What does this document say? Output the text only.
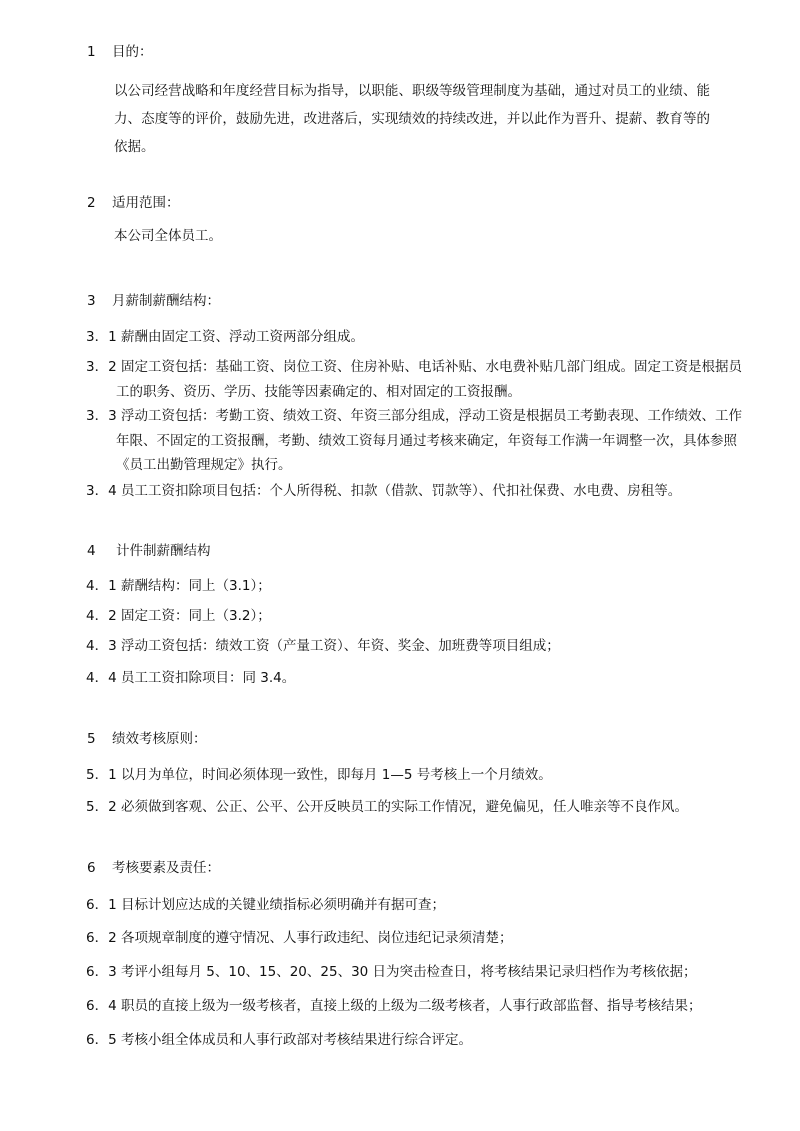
1 目的：
以公司经营战略和年度经营目标为指导，以职能、职级等级管理制度为基础，通过对员工的业绩、能力、态度等的评价，鼓励先进，改进落后，实现绩效的持续改进，并以此作为晋升、提薪、教育等的依据。
2 适用范围：
本公司全体员工。
3 月薪制薪酬结构：
3．1 薪酬由固定工资、浮动工资两部分组成。
3．2 固定工资包括：基础工资、岗位工资、住房补贴、电话补贴、水电费补贴几部门组成。固定工资是根据员工的职务、资历、学历、技能等因素确定的、相对固定的工资报酬。
3．3 浮动工资包括：考勤工资、绩效工资、年资三部分组成，浮动工资是根据员工考勤表现、工作绩效、工作年限、不固定的工资报酬，考勤、绩效工资每月通过考核来确定，年资每工作满一年调整一次，具体参照《员工出勤管理规定》执行。
3．4 员工工资扣除项目包括：个人所得税、扣款（借款、罚款等）、代扣社保费、水电费、房租等。
4 计件制薪酬结构
4．1 薪酬结构：同上（3.1）；
4．2 固定工资：同上（3.2）；
4．3 浮动工资包括：绩效工资（产量工资）、年资、奖金、加班费等项目组成；
4．4 员工工资扣除项目：同 3.4。
5 绩效考核原则：
5．1 以月为单位，时间必须体现一致性，即每月 1—5 号考核上一个月绩效。
5．2 必须做到客观、公正、公平、公开反映员工的实际工作情况，避免偏见，任人唯亲等不良作风。
6 考核要素及责任：
6．1 目标计划应达成的关键业绩指标必须明确并有据可查；
6．2 各项规章制度的遵守情况、人事行政违纪、岗位违纪记录须清楚；
6．3 考评小组每月 5、10、15、20、25、30 日为突击检查日，将考核结果记录归档作为考核依据；
6．4 职员的直接上级为一级考核者，直接上级的上级为二级考核者，人事行政部监督、指导考核结果；
6．5 考核小组全体成员和人事行政部对考核结果进行综合评定。
